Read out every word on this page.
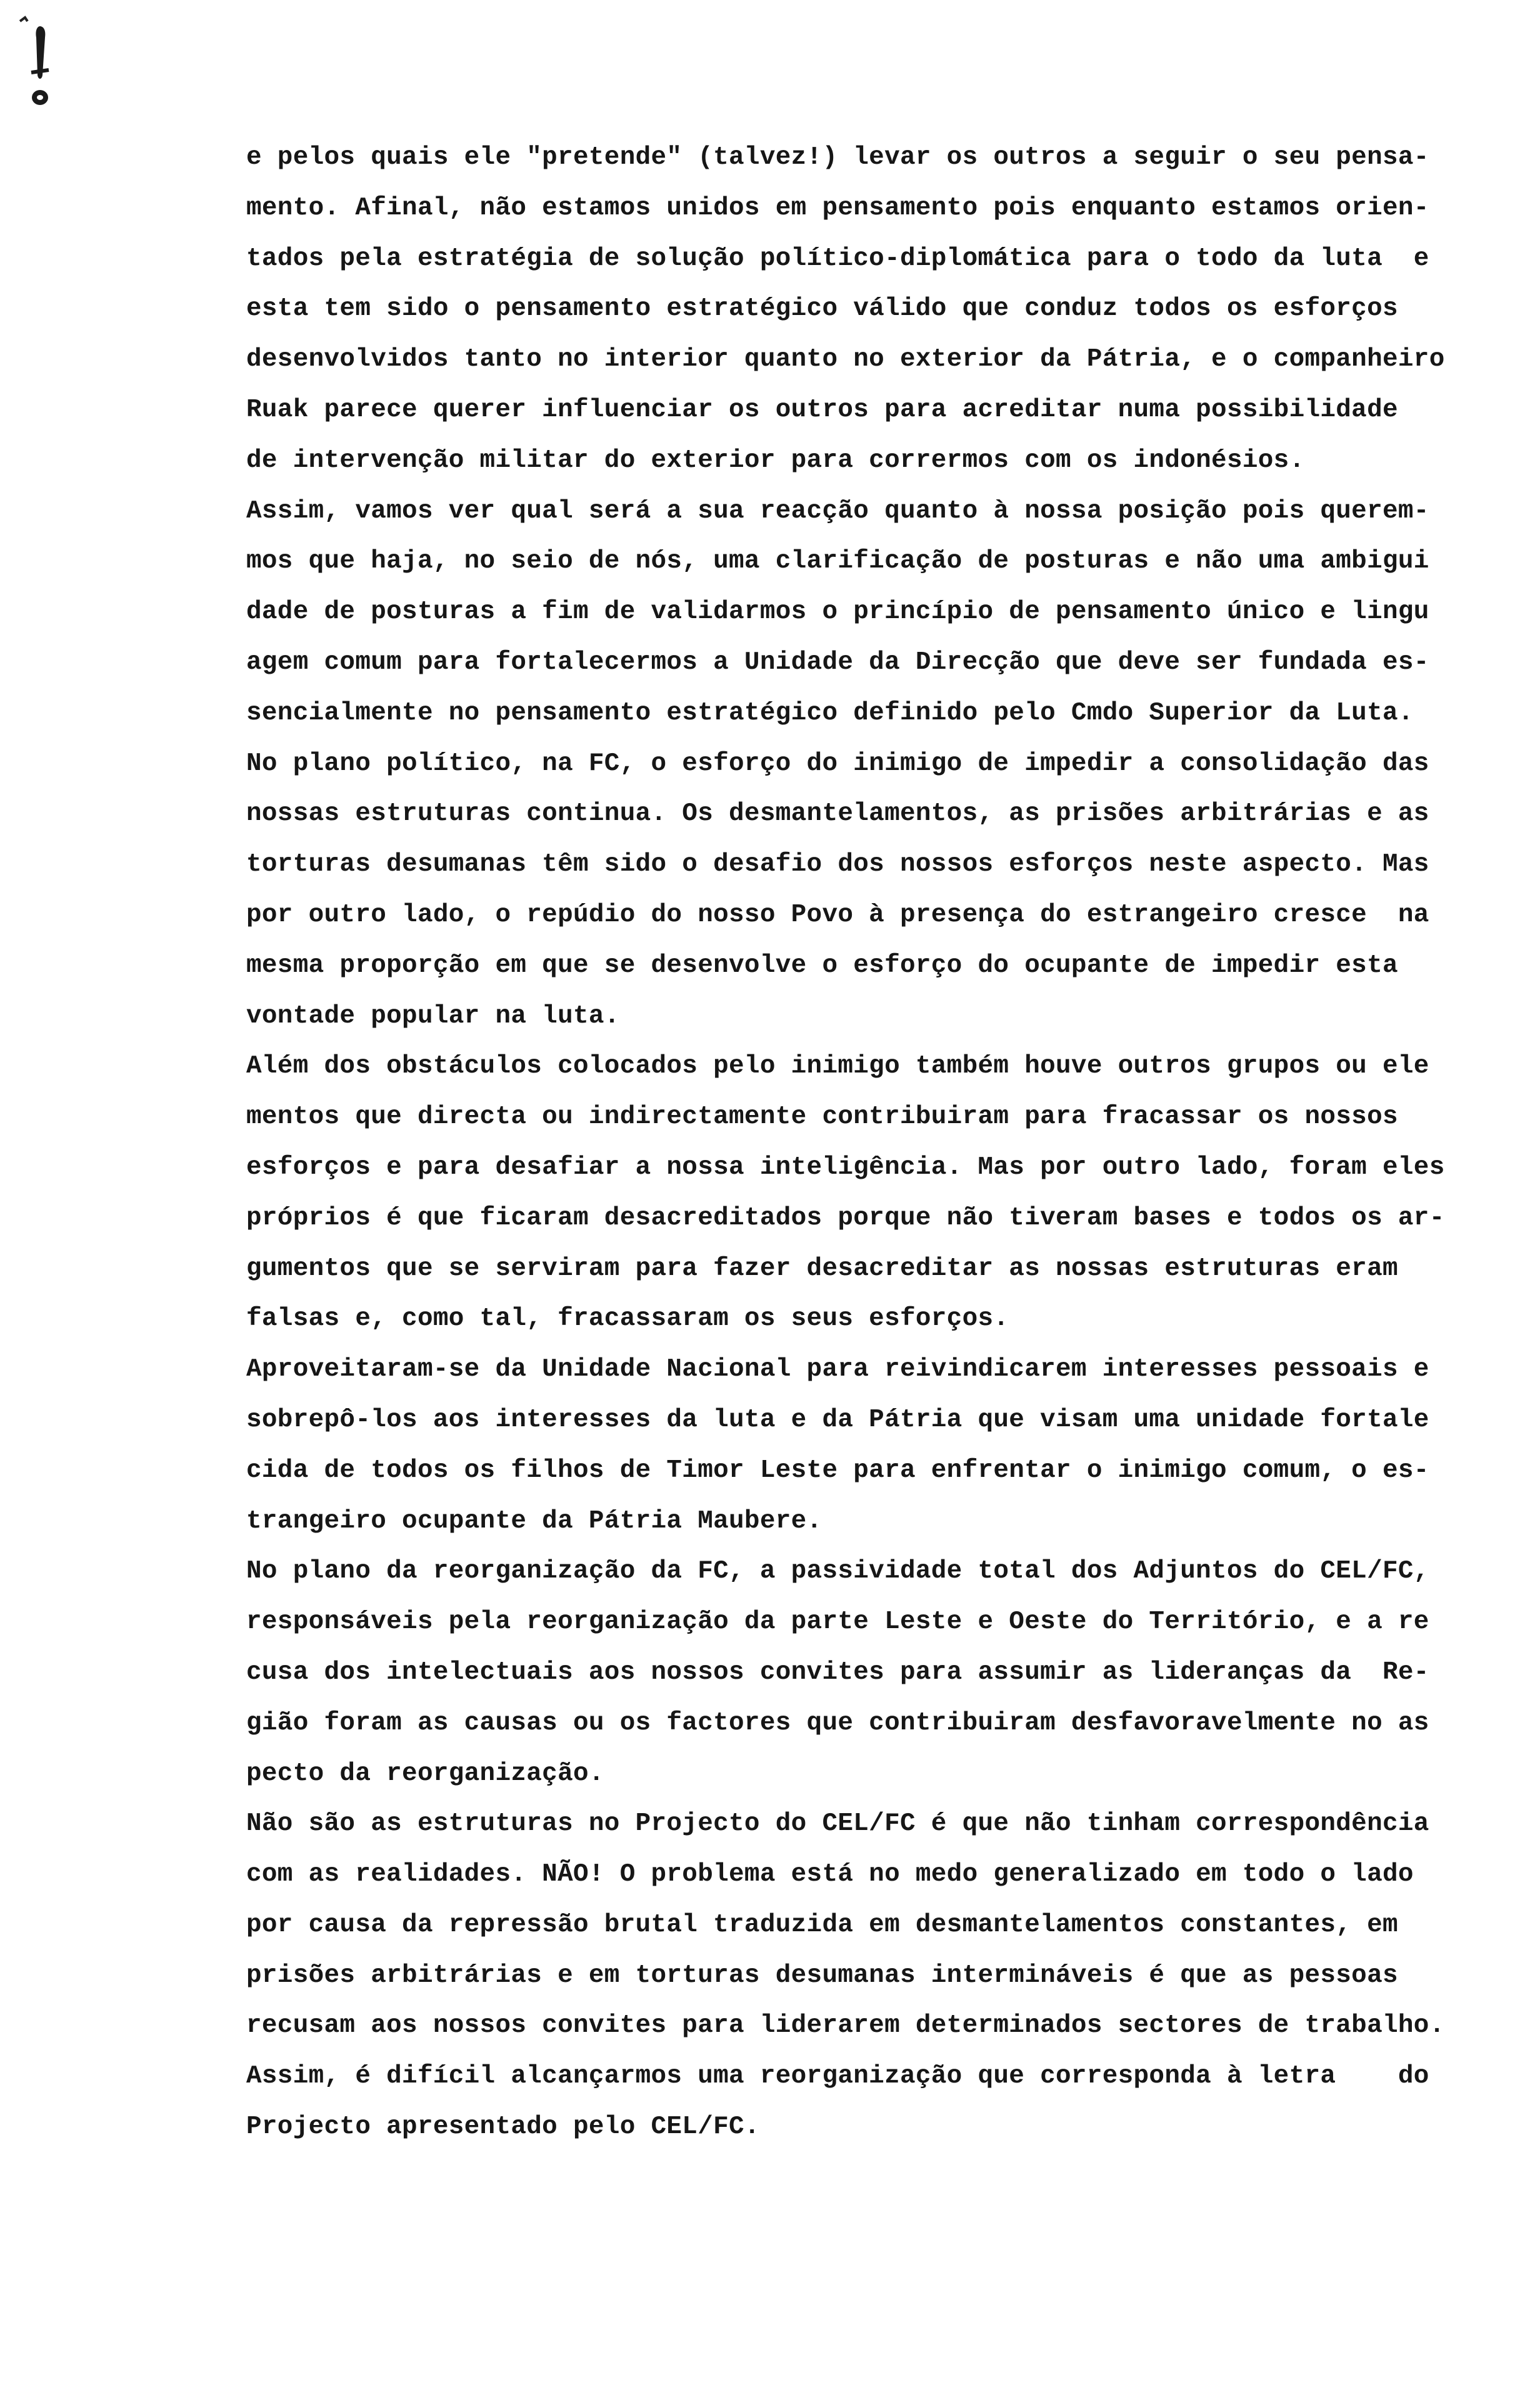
e pelos quais ele "pretende" (talvez!) levar os outros a seguir o seu pensa-
mento. Afinal, não estamos unidos em pensamento pois enquanto estamos orien-
tados pela estratégia de solução político-diplomática para o todo da luta  e
esta tem sido o pensamento estratégico válido que conduz todos os esforços
desenvolvidos tanto no interior quanto no exterior da Pátria, e o companheiro
Ruak parece querer influenciar os outros para acreditar numa possibilidade
de intervenção militar do exterior para corrermos com os indonésios.
Assim, vamos ver qual será a sua reacção quanto à nossa posição pois querem-
mos que haja, no seio de nós, uma clarificação de posturas e não uma ambigui
dade de posturas a fim de validarmos o princípio de pensamento único e lingu
agem comum para fortalecermos a Unidade da Direcção que deve ser fundada es-
sencialmente no pensamento estratégico definido pelo Cmdo Superior da Luta.
No plano político, na FC, o esforço do inimigo de impedir a consolidação das
nossas estruturas continua. Os desmantelamentos, as prisões arbitrárias e as
torturas desumanas têm sido o desafio dos nossos esforços neste aspecto. Mas
por outro lado, o repúdio do nosso Povo à presença do estrangeiro cresce  na
mesma proporção em que se desenvolve o esforço do ocupante de impedir esta
vontade popular na luta.
Além dos obstáculos colocados pelo inimigo também houve outros grupos ou ele
mentos que directa ou indirectamente contribuiram para fracassar os nossos
esforços e para desafiar a nossa inteligência. Mas por outro lado, foram eles
próprios é que ficaram desacreditados porque não tiveram bases e todos os ar-
gumentos que se serviram para fazer desacreditar as nossas estruturas eram
falsas e, como tal, fracassaram os seus esforços.
Aproveitaram-se da Unidade Nacional para reivindicarem interesses pessoais e
sobrepô-los aos interesses da luta e da Pátria que visam uma unidade fortale
cida de todos os filhos de Timor Leste para enfrentar o inimigo comum, o es-
trangeiro ocupante da Pátria Maubere.
No plano da reorganização da FC, a passividade total dos Adjuntos do CEL/FC,
responsáveis pela reorganização da parte Leste e Oeste do Território, e a re
cusa dos intelectuais aos nossos convites para assumir as lideranças da  Re-
gião foram as causas ou os factores que contribuiram desfavoravelmente no as
pecto da reorganização.
Não são as estruturas no Projecto do CEL/FC é que não tinham correspondência
com as realidades. NÃO! O problema está no medo generalizado em todo o lado
por causa da repressão brutal traduzida em desmantelamentos constantes, em
prisões arbitrárias e em torturas desumanas intermináveis é que as pessoas
recusam aos nossos convites para liderarem determinados sectores de trabalho.
Assim, é difícil alcançarmos uma reorganização que corresponda à letra    do
Projecto apresentado pelo CEL/FC.
